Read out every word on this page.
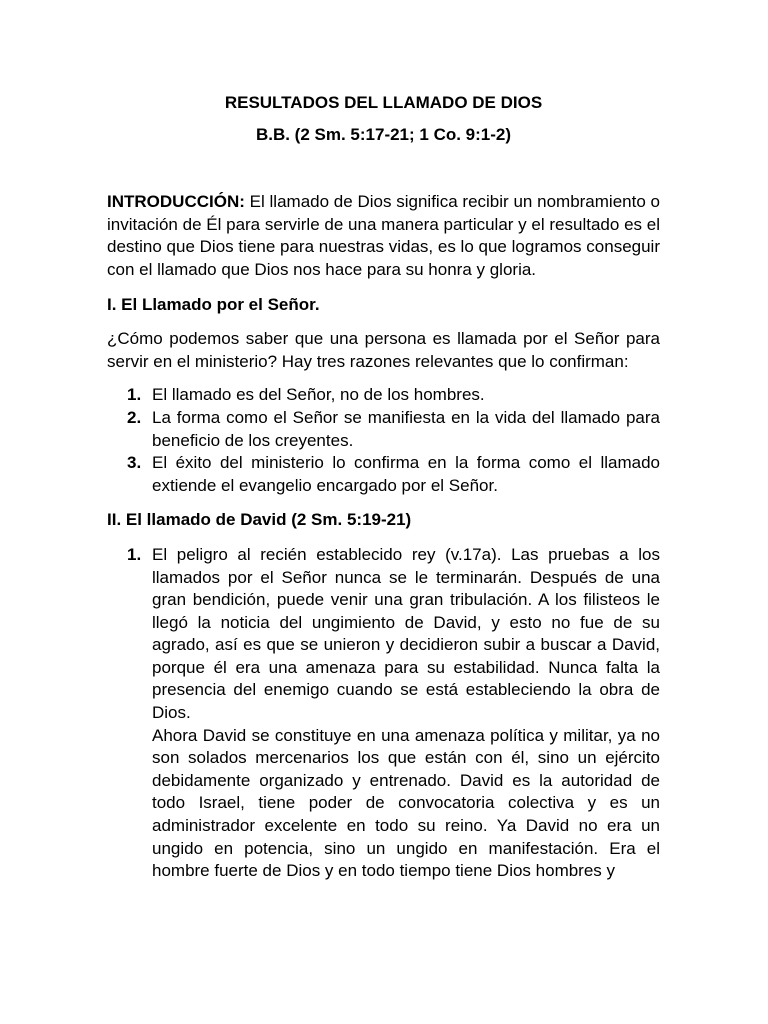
RESULTADOS DEL LLAMADO DE DIOS

B.B. (2 Sm. 5:17-21; 1 Co. 9:1-2)

INTRODUCCIÓN: El llamado de Dios significa recibir un nombramiento o invitación de Él para servirle de una manera particular y el resultado es el destino que Dios tiene para nuestras vidas, es lo que logramos conseguir con el llamado que Dios nos hace para su honra y gloria.

I. El Llamado por el Señor.

¿Cómo podemos saber que una persona es llamada por el Señor para servir en el ministerio? Hay tres razones relevantes que lo confirman:

1. El llamado es del Señor, no de los hombres.
2. La forma como el Señor se manifiesta en la vida del llamado para beneficio de los creyentes.
3. El éxito del ministerio lo confirma en la forma como el llamado extiende el evangelio encargado por el Señor.

II. El llamado de David (2 Sm. 5:19-21)

1. El peligro al recién establecido rey (v.17a). Las pruebas a los llamados por el Señor nunca se le terminarán. Después de una gran bendición, puede venir una gran tribulación. A los filisteos le llegó la noticia del ungimiento de David, y esto no fue de su agrado, así es que se unieron y decidieron subir a buscar a David, porque él era una amenaza para su estabilidad. Nunca falta la presencia del enemigo cuando se está estableciendo la obra de Dios.

Ahora David se constituye en una amenaza política y militar, ya no son solados mercenarios los que están con él, sino un ejército debidamente organizado y entrenado. David es la autoridad de todo Israel, tiene poder de convocatoria colectiva y es un administrador excelente en todo su reino. Ya David no era un ungido en potencia, sino un ungido en manifestación. Era el hombre fuerte de Dios y en todo tiempo tiene Dios hombres y
